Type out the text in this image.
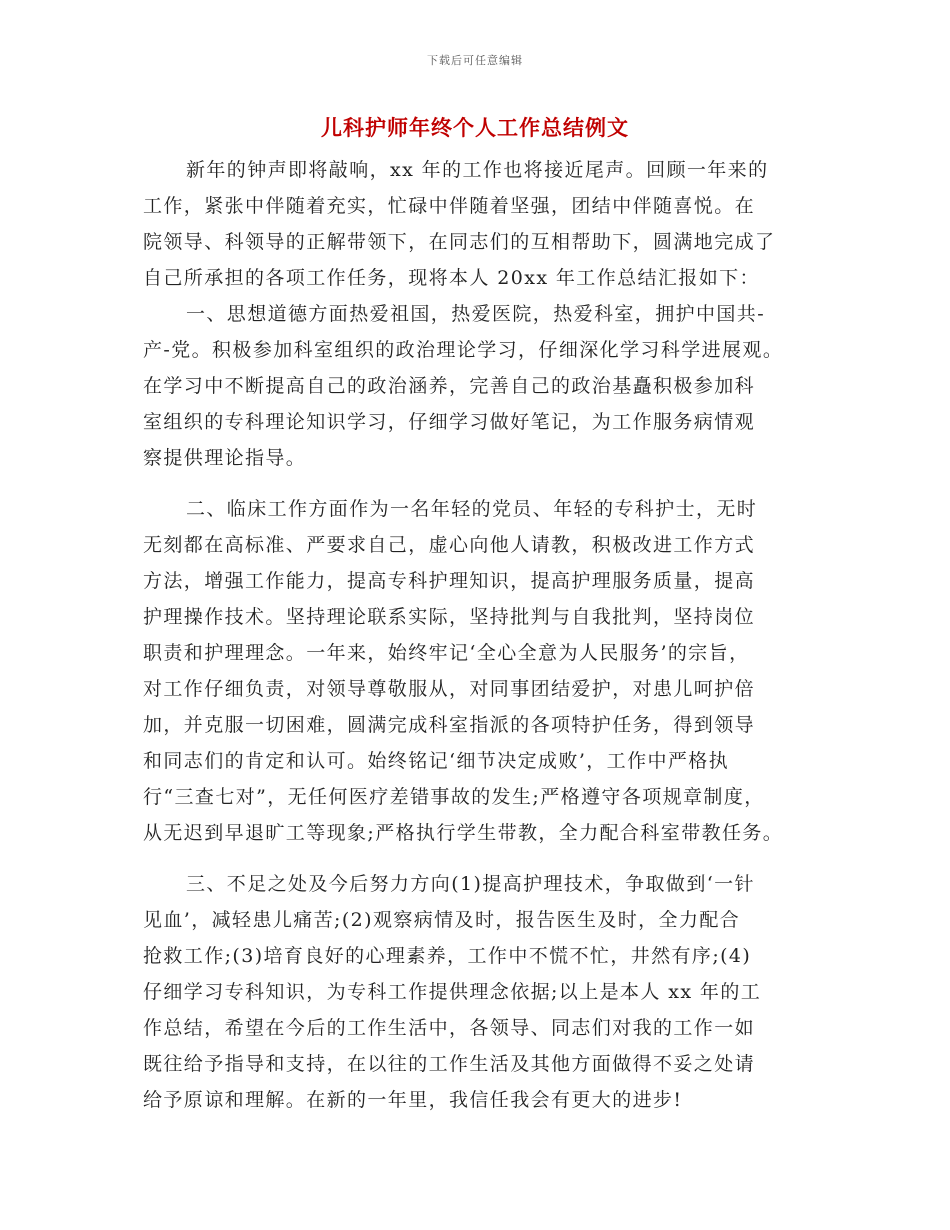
下载后可任意编辑
儿科护师年终个人工作总结例文
新年的钟声即将敲响，xx 年的工作也将接近尾声。回顾一年来的
工作，紧张中伴随着充实，忙碌中伴随着坚强，团结中伴随喜悦。在
院领导、科领导的正解带领下，在同志们的互相帮助下，圆满地完成了
自己所承担的各项工作任务，现将本人 20xx 年工作总结汇报如下：
一、思想道德方面热爱祖国，热爱医院，热爱科室，拥护中国共-
产-党。积极参加科室组织的政治理论学习，仔细深化学习科学进展观。
在学习中不断提高自己的政治涵养，完善自己的政治基矗积极参加科
室组织的专科理论知识学习，仔细学习做好笔记，为工作服务病情观
察提供理论指导。
二、临床工作方面作为一名年轻的党员、年轻的专科护士，无时
无刻都在高标准、严要求自己，虚心向他人请教，积极改进工作方式
方法，增强工作能力，提高专科护理知识，提高护理服务质量，提高
护理操作技术。坚持理论联系实际，坚持批判与自我批判，坚持岗位
职责和护理理念。一年来，始终牢记‘全心全意为人民服务’的宗旨，
对工作仔细负责，对领导尊敬服从，对同事团结爱护，对患儿呵护倍
加，并克服一切困难，圆满完成科室指派的各项特护任务，得到领导
和同志们的肯定和认可。始终铭记‘细节决定成败’，工作中严格执
行“三查七对”，无任何医疗差错事故的发生;严格遵守各项规章制度，
从无迟到早退旷工等现象;严格执行学生带教，全力配合科室带教任务。
三、不足之处及今后努力方向(1)提高护理技术，争取做到‘一针
见血’，减轻患儿痛苦;(2)观察病情及时，报告医生及时，全力配合
抢救工作;(3)培育良好的心理素养，工作中不慌不忙，井然有序;(4)
仔细学习专科知识，为专科工作提供理念依据;以上是本人 xx 年的工
作总结，希望在今后的工作生活中，各领导、同志们对我的工作一如
既往给予指导和支持，在以往的工作生活及其他方面做得不妥之处请
给予原谅和理解。在新的一年里，我信任我会有更大的进步!
